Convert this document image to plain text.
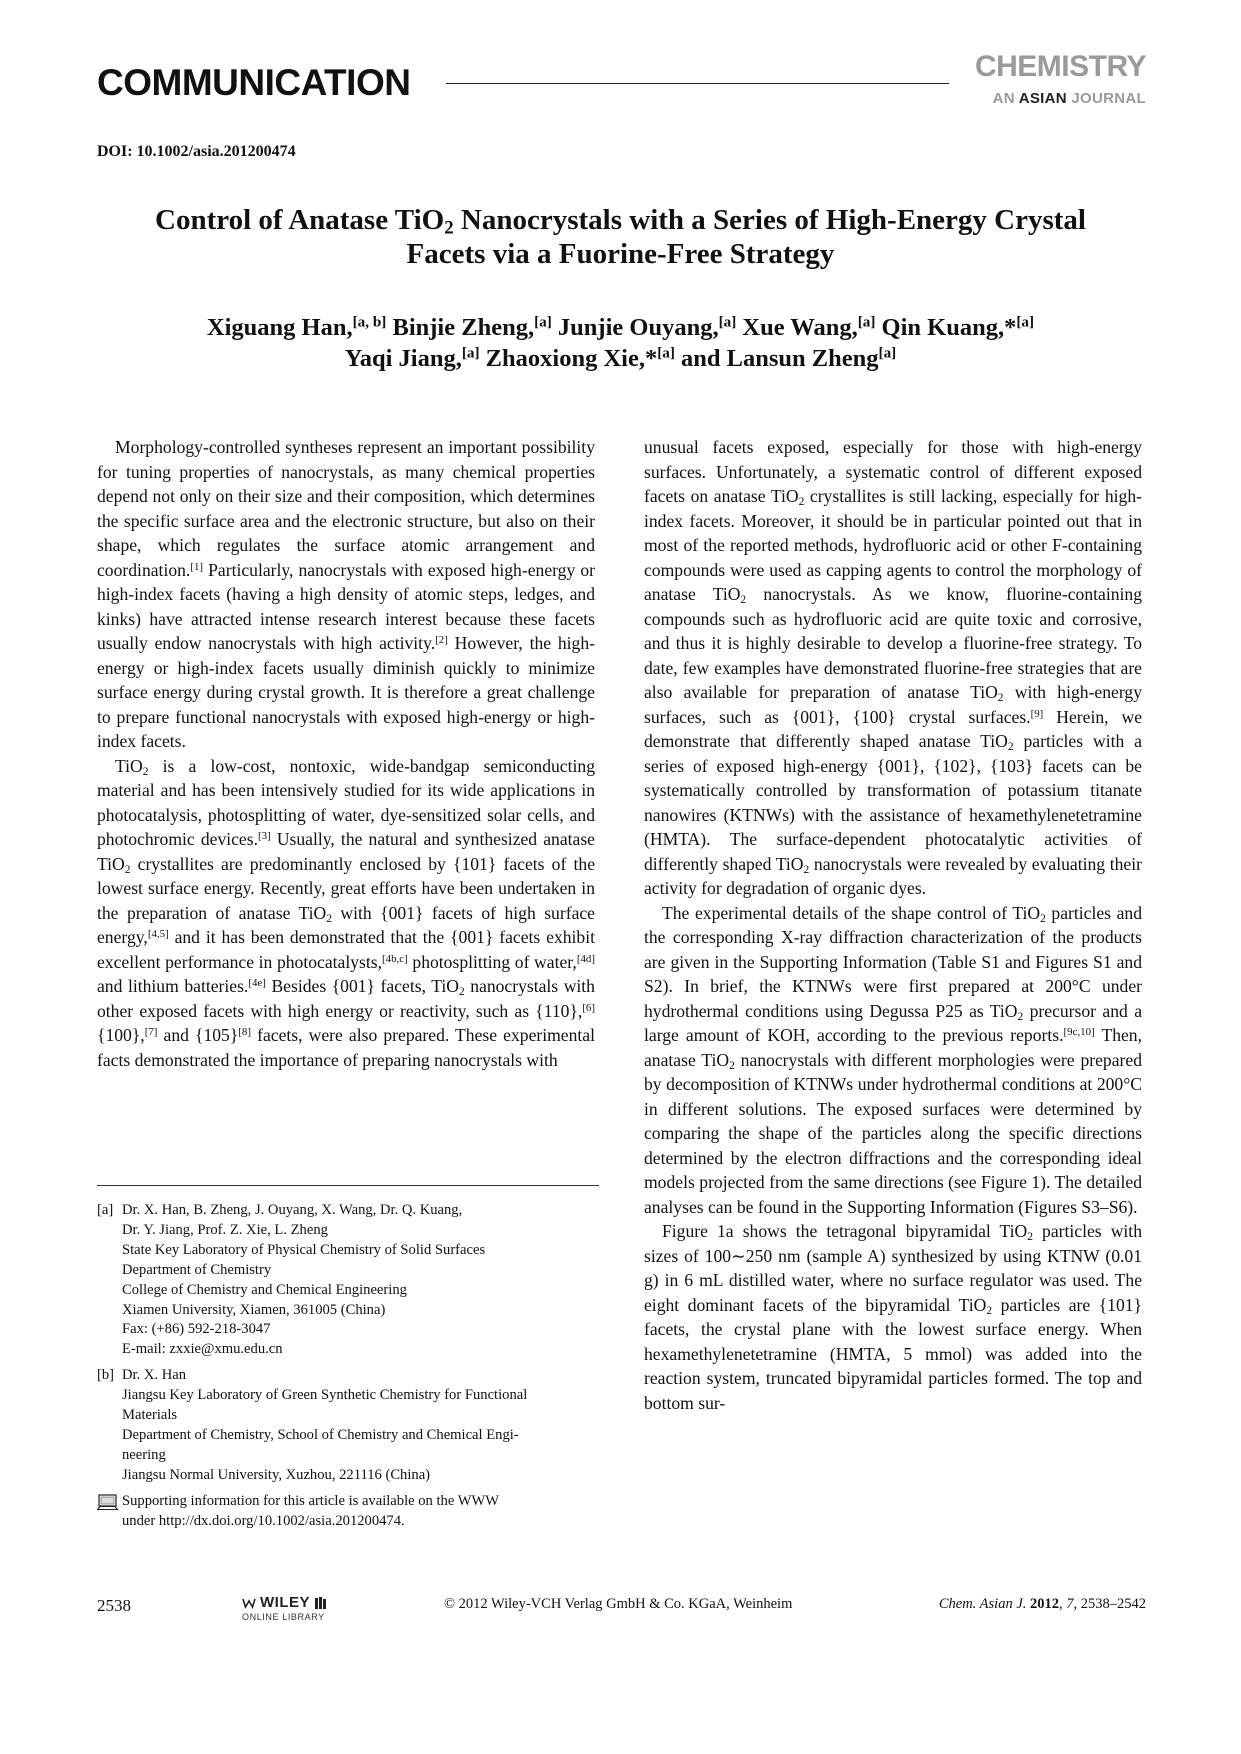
COMMUNICATION	CHEMISTRY
AN ASIAN JOURNAL
DOI: 10.1002/asia.201200474
Control of Anatase TiO$_2$ Nanocrystals with a Series of High-Energy Crystal
Facets via a Fuorine-Free Strategy
Xiguang Han,[a, b] Binjie Zheng,[a] Junjie Ouyang,[a] Xue Wang,[a] Qin Kuang,*[a]
Yaqi Jiang,[a] Zhaoxiong Xie,*[a] and Lansun Zheng[a]

Morphology-controlled syntheses represent an important possibility for tuning properties of nanocrystals, as many chemical properties depend not only on their size and their composition, which determines the specific surface area and the electronic structure, but also on their shape, which regulates the surface atomic arrangement and coordination.[1] Particularly, nanocrystals with exposed high-energy or high-index facets (having a high density of atomic steps, ledges, and kinks) have attracted intense research interest because these facets usually endow nanocrystals with high activity.[2] However, the high-energy or high-index facets usually diminish quickly to minimize surface energy during crystal growth. It is therefore a great challenge to prepare functional nanocrystals with exposed high-energy or high-index facets.

TiO$_2$ is a low-cost, nontoxic, wide-bandgap semiconducting material and has been intensively studied for its wide applications in photocatalysis, photosplitting of water, dye-sensitized solar cells, and photochromic devices.[3] Usually, the natural and synthesized anatase TiO$_2$ crystallites are predominantly enclosed by {101} facets of the lowest surface energy. Recently, great efforts have been undertaken in the preparation of anatase TiO$_2$ with {001} facets of high surface energy,[4,5] and it has been demonstrated that the {001} facets exhibit excellent performance in photocatalysts,[4b,c] photosplitting of water,[4d] and lithium batteries.[4e] Besides {001} facets, TiO$_2$ nanocrystals with other exposed facets with high energy or reactivity, such as {110},[6] {100},[7] and {105}[8] facets, were also prepared. These experimental facts demonstrated the importance of preparing nanocrystals with

unusual facets exposed, especially for those with high-energy surfaces. Unfortunately, a systematic control of different exposed facets on anatase TiO$_2$ crystallites is still lacking, especially for high-index facets. Moreover, it should be in particular pointed out that in most of the reported methods, hydrofluoric acid or other F-containing compounds were used as capping agents to control the morphology of anatase TiO$_2$ nanocrystals. As we know, fluorine-containing compounds such as hydrofluoric acid are quite toxic and corrosive, and thus it is highly desirable to develop a fluorine-free strategy. To date, few examples have demonstrated fluorine-free strategies that are also available for preparation of anatase TiO$_2$ with high-energy surfaces, such as {001}, {100} crystal surfaces.[9] Herein, we demonstrate that differently shaped anatase TiO$_2$ particles with a series of exposed high-energy {001}, {102}, {103} facets can be systematically controlled by transformation of potassium titanate nanowires (KTNWs) with the assistance of hexamethylenetetramine (HMTA). The surface-dependent photocatalytic activities of differently shaped TiO$_2$ nanocrystals were revealed by evaluating their activity for degradation of organic dyes.

The experimental details of the shape control of TiO$_2$ particles and the corresponding X-ray diffraction characterization of the products are given in the Supporting Information (Table S1 and Figures S1 and S2). In brief, the KTNWs were first prepared at 200°C under hydrothermal conditions using Degussa P25 as TiO$_2$ precursor and a large amount of KOH, according to the previous reports.[9c,10] Then, anatase TiO$_2$ nanocrystals with different morphologies were prepared by decomposition of KTNWs under hydrothermal conditions at 200°C in different solutions. The exposed surfaces were determined by comparing the shape of the particles along the specific directions determined by the electron diffractions and the corresponding ideal models projected from the same directions (see Figure 1). The detailed analyses can be found in the Supporting Information (Figures S3–S6).

Figure 1a shows the tetragonal bipyramidal TiO$_2$ particles with sizes of 100∼250 nm (sample A) synthesized by using KTNW (0.01 g) in 6 mL distilled water, where no surface regulator was used. The eight dominant facets of the bipyramidal TiO$_2$ particles are {101} facets, the crystal plane with the lowest surface energy. When hexamethylenetetramine (HMTA, 5 mmol) was added into the reaction system, truncated bipyramidal particles formed. The top and bottom sur-

[a] Dr. X. Han, B. Zheng, J. Ouyang, X. Wang, Dr. Q. Kuang,
Dr. Y. Jiang, Prof. Z. Xie, L. Zheng
State Key Laboratory of Physical Chemistry of Solid Surfaces
Department of Chemistry
College of Chemistry and Chemical Engineering
Xiamen University, Xiamen, 361005 (China)
Fax: (+86) 592-218-3047
E-mail: zxxie@xmu.edu.cn
[b] Dr. X. Han
Jiangsu Key Laboratory of Green Synthetic Chemistry for Functional
Materials
Department of Chemistry, School of Chemistry and Chemical Engi-
neering
Jiangsu Normal University, Xuzhou, 221116 (China)
Supporting information for this article is available on the WWW
under http://dx.doi.org/10.1002/asia.201200474.
2538	WILEY
ONLINE LIBRARY
© 2012 Wiley-VCH Verlag GmbH & Co. KGaA, Weinheim	Chem. Asian J. 2012, 7, 2538–2542
